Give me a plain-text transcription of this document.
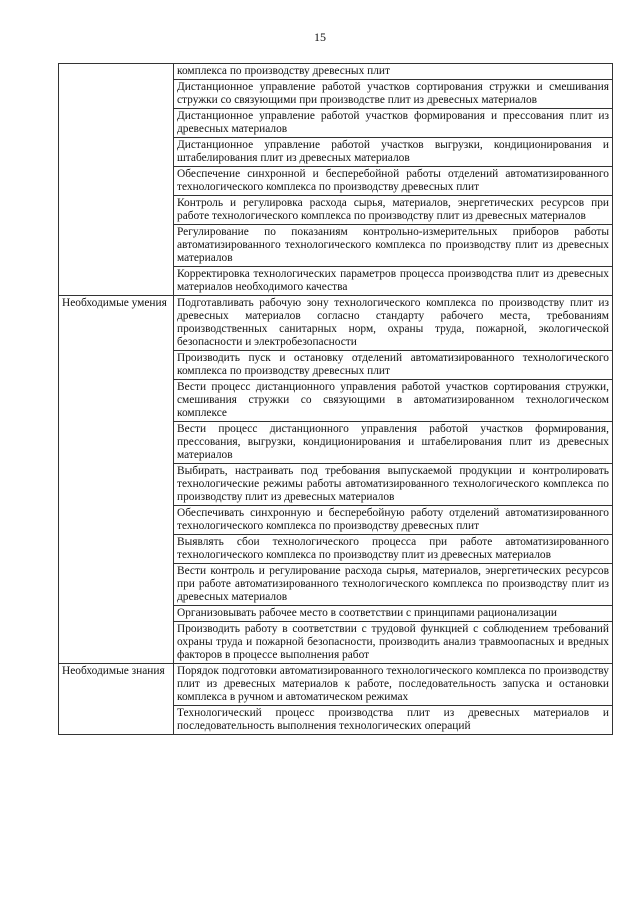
15
	комплекса по производству древесных плит
	Дистанционное управление работой участков сортирования стружки и смешивания стружки со связующими при производстве плит из древесных материалов
	Дистанционное управление работой участков формирования и прессования плит из древесных материалов
	Дистанционное управление работой участков выгрузки, кондиционирования и штабелирования плит из древесных материалов
	Обеспечение синхронной и бесперебойной работы отделений автоматизированного технологического комплекса по производству древесных плит
	Контроль и регулировка расхода сырья, материалов, энергетических ресурсов при работе технологического комплекса по производству плит из древесных материалов
	Регулирование по показаниям контрольно-измерительных приборов работы автоматизированного технологического комплекса по производству плит из древесных материалов
	Корректировка технологических параметров процесса производства плит из древесных материалов необходимого качества
Необходимые умения	Подготавливать рабочую зону технологического комплекса по производству плит из древесных материалов согласно стандарту рабочего места, требованиям производственных санитарных норм, охраны труда, пожарной, экологической безопасности и электробезопасности
	Производить пуск и остановку отделений автоматизированного технологического комплекса по производству древесных плит
	Вести процесс дистанционного управления работой участков сортирования стружки, смешивания стружки со связующими в автоматизированном технологическом комплексе
	Вести процесс дистанционного управления работой участков формирования, прессования, выгрузки, кондиционирования и штабелирования плит из древесных материалов
	Выбирать, настраивать под требования выпускаемой продукции и контролировать технологические режимы работы автоматизированного технологического комплекса по производству плит из древесных материалов
	Обеспечивать синхронную и бесперебойную работу отделений автоматизированного технологического комплекса по производству древесных плит
	Выявлять сбои технологического процесса при работе автоматизированного технологического комплекса по производству плит из древесных материалов
	Вести контроль и регулирование расхода сырья, материалов, энергетических ресурсов при работе автоматизированного технологического комплекса по производству плит из древесных материалов
	Организовывать рабочее место в соответствии с принципами рационализации
	Производить работу в соответствии с трудовой функцией с соблюдением требований охраны труда и пожарной безопасности, производить анализ травмоопасных и вредных факторов в процессе выполнения работ
Необходимые знания	Порядок подготовки автоматизированного технологического комплекса по производству плит из древесных материалов к работе, последовательность запуска и остановки комплекса в ручном и автоматическом режимах
	Технологический процесс производства плит из древесных материалов и последовательность выполнения технологических операций
